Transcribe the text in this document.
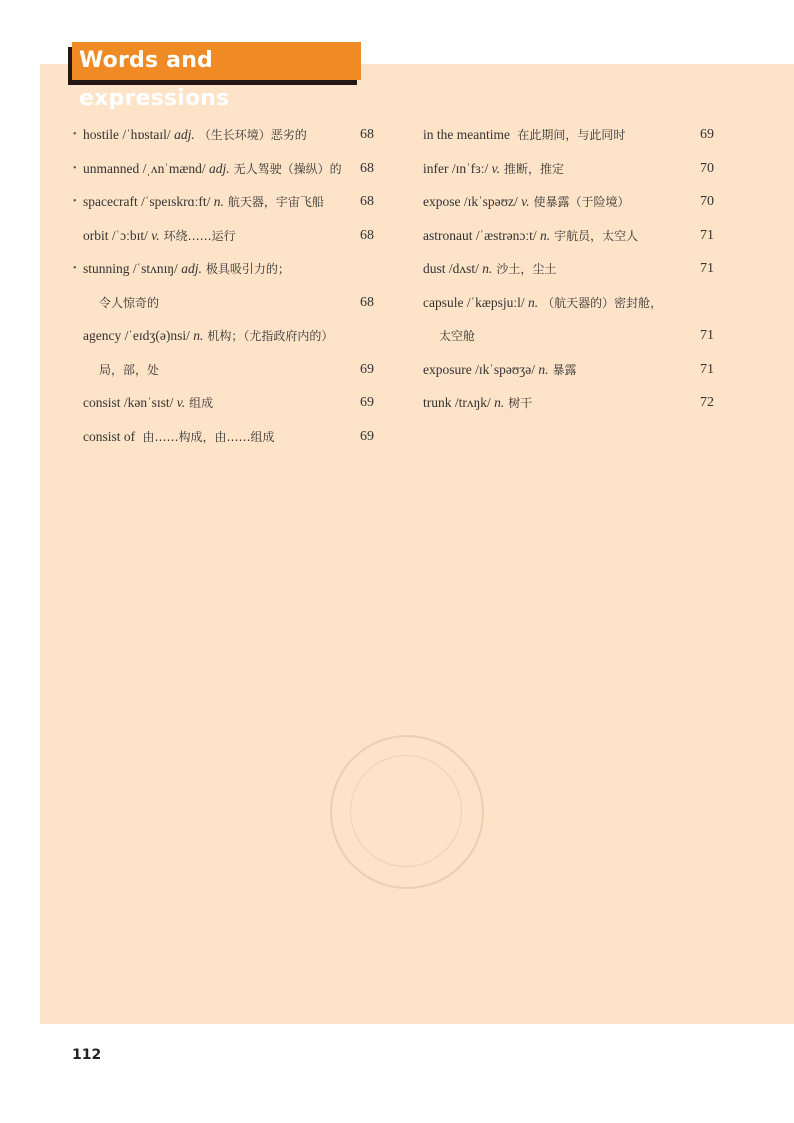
Words and expressions
• hostile /ˈhɒstaɪl/ adj. （生长环境）恶劣的	68
• unmanned /ˌʌnˈmænd/ adj. 无人驾驶（操纵）的 68
• spacecraft /ˈspeɪskrɑːft/ n. 航天器，宇宙飞船	68
orbit /ˈɔːbɪt/ v. 环绕……运行	68
• stunning /ˈstʌnɪŋ/ adj. 极具吸引力的；
令人惊奇的	68
agency /ˈeɪdʒ(ə)nsi/ n. 机构；（尤指政府内的）
局，部，处	69
consist /kənˈsɪst/ v. 组成	69
consist of 由……构成，由……组成	69
in the meantime 在此期间，与此同时	69
infer /ɪnˈfɜː/ v. 推断，推定	70
expose /ɪkˈspəʊz/ v. 使暴露（于险境）	70
astronaut /ˈæstrənɔːt/ n. 宇航员，太空人	71
dust /dʌst/ n. 沙土，尘土	71
capsule /ˈkæpsjuːl/ n. （航天器的）密封舱，
太空舱	71
exposure /ɪkˈspəʊʒə/ n. 暴露	71
trunk /trʌŋk/ n. 树干	72
112
